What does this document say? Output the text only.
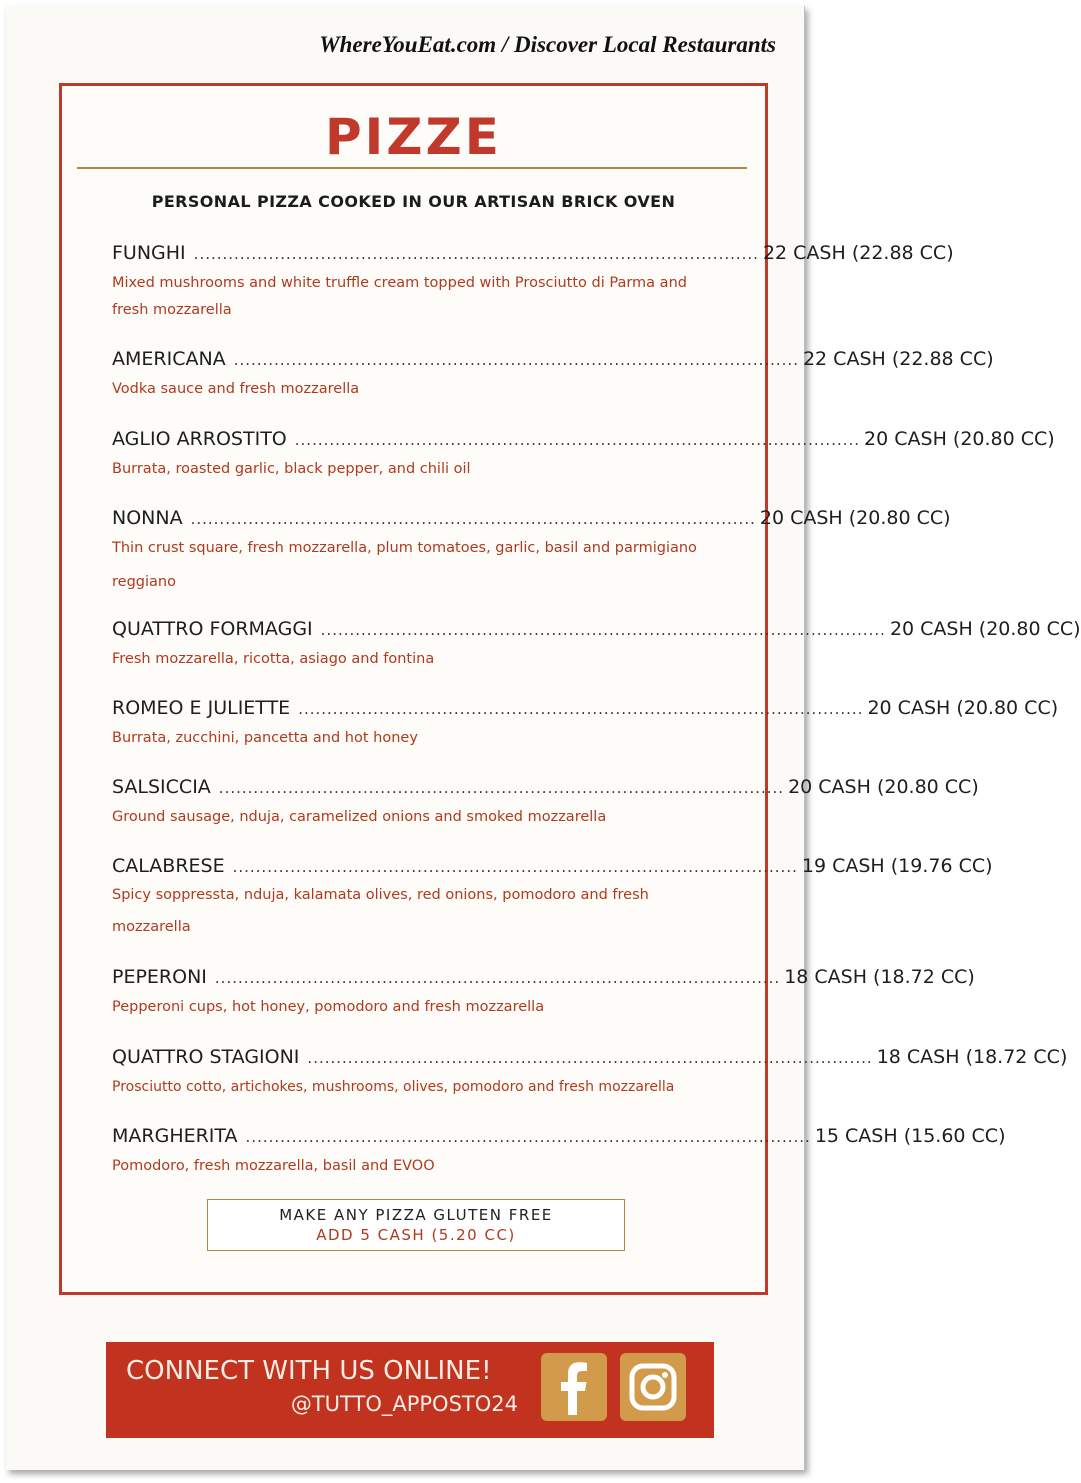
WhereYouEat.com / Discover Local Restaurants
PIZZE
PERSONAL PIZZA COOKED IN OUR ARTISAN BRICK OVEN
FUNGHI .................................................................................................. 22 CASH (22.88 CC)
Mixed mushrooms and white truffle cream topped with Prosciutto di Parma and fresh mozzarella
AMERICANA .................................................................................................. 22 CASH (22.88 CC)
Vodka sauce and fresh mozzarella
AGLIO ARROSTITO .................................................................................................. 20 CASH (20.80 CC)
Burrata, roasted garlic, black pepper, and chili oil
NONNA .................................................................................................. 20 CASH (20.80 CC)
Thin crust square, fresh mozzarella, plum tomatoes, garlic, basil and parmigiano reggiano
QUATTRO FORMAGGI .................................................................................................. 20 CASH (20.80 CC)
Fresh mozzarella, ricotta, asiago and fontina
ROMEO E JULIETTE .................................................................................................. 20 CASH (20.80 CC)
Burrata, zucchini, pancetta and hot honey
SALSICCIA .................................................................................................. 20 CASH (20.80 CC)
Ground sausage, nduja, caramelized onions and smoked mozzarella
CALABRESE .................................................................................................. 19 CASH (19.76 CC)
Spicy soppressta, nduja, kalamata olives, red onions, pomodoro and fresh mozzarella
PEPERONI .................................................................................................. 18 CASH (18.72 CC)
Pepperoni cups, hot honey, pomodoro and fresh mozzarella
QUATTRO STAGIONI .................................................................................................. 18 CASH (18.72 CC)
Prosciutto cotto, artichokes, mushrooms, olives, pomodoro and fresh mozzarella
MARGHERITA .................................................................................................. 15 CASH (15.60 CC)
Pomodoro, fresh mozzarella, basil and EVOO
MAKE ANY PIZZA GLUTEN FREE
ADD 5 CASH (5.20 CC)
CONNECT WITH US ONLINE!
@TUTTO_APPOSTO24
